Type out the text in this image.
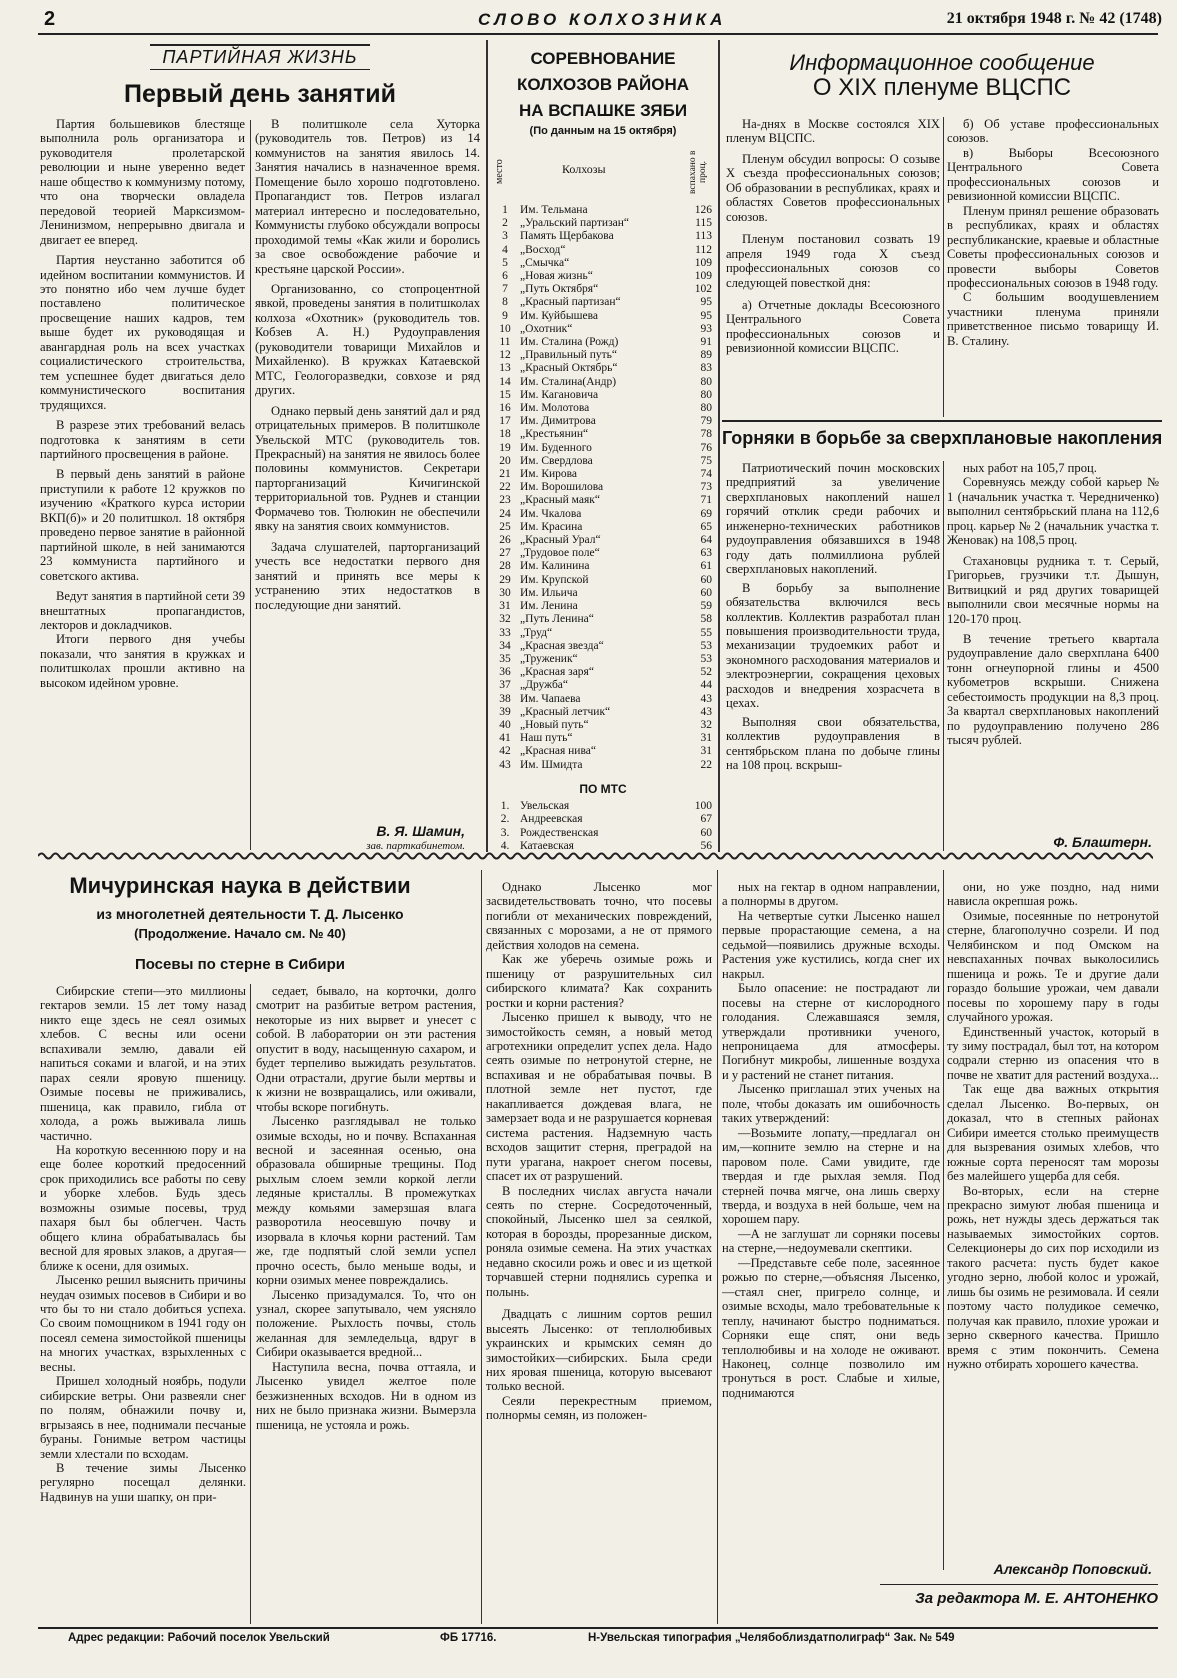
2	СЛОВО КОЛХОЗНИКА	21 октября 1948 г. № 42 (1748)
ПАРТИЙНАЯ ЖИЗНЬ
Первый день занятий

Партия большевиков блестяще выполнила роль организатора и руководителя пролетарской революции и ныне уверенно ведет наше общество к коммунизму потому, что она творчески овладела передовой теорией Марксизмом-Ленинизмом, непрерывно двигала и двигает ее вперед.

Партия неустанно заботится об идейном воспитании коммунистов. И это понятно ибо чем лучше будет поставлено политическое просвещение наших кадров, тем выше будет их руководящая и авангардная роль на всех участках социалистического строительства, тем успешнее будет двигаться дело коммунистического воспитания трудящихся.

В разрезе этих требований велась подготовка к занятиям в сети партийного просвещения в районе.

В первый день занятий в районе приступили к работе 12 кружков по изучению «Краткого курса истории ВКП(б)» и 20 политшкол. 18 октября проведено первое занятие в районной партийной школе, в ней занимаются 23 коммуниста партийного и советского актива.

Ведут занятия в партийной сети 39 внештатных пропагандистов, лекторов и докладчиков.

Итоги первого дня учебы показали, что занятия в кружках и политшколах прошли активно на высоком идейном уровне.

В политшколе села Хуторка (руководитель тов. Петров) из 14 коммунистов на занятия явилось 14. Занятия начались в назначенное время. Помещение было хорошо подготовлено. Пропагандист тов. Петров излагал материал интересно и последовательно, Коммунисты глубоко обсуждали вопросы проходимой темы «Как жили и боролись за свое освобождение рабочие и крестьяне царской России».

Организованно, со стопроцентной явкой, проведены занятия в политшколах колхоза «Охотник» (руководитель тов. Кобзев А. Н.) Рудоуправления (руководители товарищи Михайлов и Михайленко). В кружках Катаевской МТС, Геологоразведки, совхозе и ряд других.

Однако первый день занятий дал и ряд отрицательных примеров. В политшколе Увельской МТС (руководитель тов. Прекрасный) на занятия не явилось более половины коммунистов. Секретари парторганизаций Кичигинской территориальной тов. Руднев и станции Формачево тов. Тюлюкин не обеспечили явку на занятия своих коммунистов.

Задача слушателей, парторганизаций учесть все недостатки первого дня занятий и принять все меры к устранению этих недостатков в последующие дни занятий.

В. Я. Шамин,
зав. парткабинетом.
СОРЕВНОВАНИЕ
КОЛХОЗОВ РАЙОНА
НА ВСПАШКЕ ЗЯБИ
(По данным на 15 октября)
место	Колхозы	вспахано в проц.
1	Им. Тельмана	126
2	„Уральский партизан“	115
3	Память Щербакова	113
4	„Восход“	112
5	„Смычка“	109
6	„Новая жизнь“	109
7	„Путь Октября“	102
8	„Красный партизан“	95
9	Им. Куйбышева	95
10	„Охотник“	93
11	Им. Сталина (Рожд)	91
12	„Правильный путь“	89
13	„Красный Октябрь“	83
14	Им. Сталина(Андр)	80
15	Им. Кагановича	80
16	Им. Молотова	80
17	Им. Димитрова	79
18	„Крестьянин“	78
19	Им. Буденного	76
20	Им. Свердлова	75
21	Им. Кирова	74
22	Им. Ворошилова	73
23	„Красный маяк“	71
24	Им. Чкалова	69
25	Им. Красина	65
26	„Красный Урал“	64
27	„Трудовое поле“	63
28	Им. Калинина	61
29	Им. Крупской	60
30	Им. Ильича	60
31	Им. Ленина	59
32	„Путь Ленина“	58
33	„Труд“	55
34	„Красная звезда“	53
35	„Труженик“	53
36	„Красная заря“	52
37	„Дружба“	44
38	Им. Чапаева	43
39	„Красный летчик“	43
40	„Новый путь“	32
41	Наш путь“	31
42	„Красная нива“	31
43	Им. Шмидта	22
ПО МТС
1.	Увельская	100
2.	Андреевская	67
3.	Рождественская	60
4.	Катаевская	56
Информационное сообщение
О XIX пленуме ВЦСПС

На-днях в Москве состоялся XIX пленум ВЦСПС.

Пленум обсудил вопросы: О созыве X съезда профессиональных союзов; Об образовании в республиках, краях и областях Советов профессиональных союзов.

Пленум постановил созвать 19 апреля 1949 года X съезд профессиональных союзов со следующей повесткой дня:

а) Отчетные доклады Всесоюзного Центрального Совета профессиональных союзов и ревизионной комиссии ВЦСПС.

б) Об уставе профессиональных союзов.

в) Выборы Всесоюзного Центрального Совета профессиональных союзов и ревизионной комиссии ВЦСПС.

Пленум принял решение образовать в республиках, краях и областях республиканские, краевые и областные Советы профессиональных союзов и провести выборы Советов профессиональных союзов в 1948 году.

С большим воодушевлением участники пленума приняли приветственное письмо товарищу И. В. Сталину.

Горняки в борьбе за сверхплановые накопления

Патриотический почин московских предприятий за увеличение сверхплановых накоплений нашел горячий отклик среди рабочих и инженерно-технических работников рудоуправления обязавшихся в 1948 году дать полмиллиона рублей сверхплановых накоплений.

В борьбу за выполнение обязательства включился весь коллектив. Коллектив разработал план повышения производительности труда, механизации трудоемких работ и экономного расходования материалов и электроэнергии, сокращения цеховых расходов и внедрения хозрасчета в цехах.

Выполняя свои обязательства, коллектив рудоуправления в сентябрьском плана по добыче глины на 108 проц. вскрыш-

ных работ на 105,7 проц.

Соревнуясь между собой карьер № 1 (начальник участка т. Чередниченко) выполнил сентябрьский плана на 112,6 проц. карьер № 2 (начальник участка т. Женовак) на 108,5 проц.

Стахановцы рудника т. т. Серый, Григорьев, грузчики т.т. Дышун, Витвицкий и ряд других товарищей выполнили свои месячные нормы на 120-170 проц.

В течение третьего квартала рудоуправление дало сверхплана 6400 тонн огнеупорной глины и 4500 кубометров вскрыши. Снижена себестоимость продукции на 8,3 проц. За квартал сверхплановых накоплений по рудоуправлению получено 286 тысяч рублей.

Ф. Блаштерн.
Мичуринская наука в действии
из многолетней деятельности Т. Д. Лысенко
(Продолжение. Начало см. № 40)
Посевы по стерне в Сибири

Сибирские степи—это миллионы гектаров земли. 15 лет тому назад никто еще здесь не сеял озимых хлебов. С весны или осени вспахивали землю, давали ей напиться соками и влагой, и на этих парах сеяли яровую пшеницу. Озимые посевы не приживались, пшеница, как правило, гибла от холода, а рожь выживала лишь частично.

На короткую весеннюю пору и на еще более короткий предосенний срок приходились все работы по севу и уборке хлебов. Будь здесь возможны озимые посевы, труд пахаря был бы облегчен. Часть общего клина обрабатывалась бы весной для яровых злаков, а другая—ближе к осени, для озимых.

Лысенко решил выяснить причины неудач озимых посевов в Сибири и во что бы то ни стало добиться успеха. Со своим помощником в 1941 году он посеял семена зимостойкой пшеницы на многих участках, взрыхленных с весны.

Пришел холодный ноябрь, подули сибирские ветры. Они развеяли снег по полям, обнажили почву и, вгрызаясь в нее, поднимали песчаные бураны. Гонимые ветром частицы земли хлестали по всходам.

В течение зимы Лысенко регулярно посещал делянки. Надвинув на уши шапку, он при-

седает, бывало, на корточки, долго смотрит на разбитые ветром растения, некоторые из них вырвет и унесет с собой. В лаборатории он эти растения опустит в воду, насыщенную сахаром, и будет терпеливо выжидать результатов. Одни отрастали, другие были мертвы и к жизни не возвращались, или оживали, чтобы вскоре погибнуть.

Лысенко разглядывал не только озимые всходы, но и почву. Вспаханная весной и засеянная осенью, она образовала обширные трещины. Под рыхлым слоем земли коркой легли ледяные кристаллы. В промежутках между комьями замерзшая влага разворотила неосевшую почву и изорвала в клочья корни растений. Там же, где подпятый слой земли успел прочно осесть, было меньше воды, и корни озимых менее повреждались.

Лысенко призадумался. То, что он узнал, скорее запутывало, чем уясняло положение. Рыхлость почвы, столь желанная для земледельца, вдруг в Сибири оказывается вредной...

Наступила весна, почва оттаяла, и Лысенко увидел желтое поле безжизненных всходов. Ни в одном из них не было признака жизни. Вымерзла пшеница, не устояла и рожь.

Однако Лысенко мог засвидетельствовать точно, что посевы погибли от механических повреждений, связанных с морозами, а не от прямого действия холодов на семена.

Как же уберечь озимые рожь и пшеницу от разрушительных сил сибирского климата? Как сохранить ростки и корни растения?

Лысенко пришел к выводу, что не зимостойкость семян, а новый метод агротехники определит успех дела. Надо сеять озимые по нетронутой стерне, не вспахивая и не обрабатывая почвы. В плотной земле нет пустот, где накапливается дождевая влага, не замерзает вода и не разрушается корневая система растения. Надземную часть всходов защитит стерня, преградой на пути урагана, накроет снегом посевы, спасет их от разрушений.

В последних числах августа начали сеять по стерне. Сосредоточенный, спокойный, Лысенко шел за сеялкой, которая в борозды, прорезанные диском, роняла озимые семена. На этих участках недавно скосили рожь и овес и из щеткой торчавшей стерни поднялись сурепка и полынь.

Двадцать с лишним сортов решил высеять Лысенко: от теплолюбивых украинских и крымских семян до зимостойких—сибирских. Была среди них яровая пшеница, которую высевают только весной.

Сеяли перекрестным приемом, полнормы семян, из положен-

ных на гектар в одном направлении, а полнормы в другом.

На четвертые сутки Лысенко нашел первые прорастающие семена, а на седьмой—появились дружные всходы. Растения уже кустились, когда снег их накрыл.

Было опасение: не пострадают ли посевы на стерне от кислородного голодания. Слежавшаяся земля, утверждали противники ученого, непроницаема для атмосферы. Погибнут микробы, лишенные воздуха и у растений не станет питания.

Лысенко приглашал этих ученых на поле, чтобы доказать им ошибочность таких утверждений:

—Возьмите лопату,—предлагал он им,—копните землю на стерне и на паровом поле. Сами увидите, где твердая и где рыхлая земля. Под стерней почва мягче, она лишь сверху тверда, и воздуха в ней больше, чем на хорошем пару.

—А не заглушат ли сорняки посевы на стерне,—недоумевали скептики.

—Представьте себе поле, засеянное рожью по стерне,—объясняя Лысенко,—стаял снег, пригрело солнце, и озимые всходы, мало требовательные к теплу, начинают быстро подниматься. Сорняки еще спят, они ведь теплолюбивы и на холоде не оживают. Наконец, солнце позволило им тронуться в рост. Слабые и хилые, поднимаются

они, но уже поздно, над ними нависла окрепшая рожь.

Озимые, посеянные по нетронутой стерне, благополучно созрели. И под Челябинском и под Омском на невспаханных почвах выколосились пшеница и рожь. Те и другие дали гораздо большие урожаи, чем давали посевы по хорошему пару в годы случайного урожая.

Единственный участок, который в ту зиму пострадал, был тот, на котором содрали стерню из опасения что в почве не хватит для растений воздуха...

Так еще два важных открытия сделал Лысенко. Во-первых, он доказал, что в степных районах Сибири имеется столько преимуществ для вызревания озимых хлебов, что южные сорта переносят там морозы без малейшего ущерба для себя.

Во-вторых, если на стерне прекрасно зимуют любая пшеница и рожь, нет нужды здесь держаться так называемых зимостойких сортов. Селекционеры до сих пор исходили из такого расчета: пусть будет какое угодно зерно, любой колос и урожай, лишь бы озимь не резимовала. И сеяли поэтому часто полудикое семечко, получая как правило, плохие урожаи и зерно скверного качества. Пришло время с этим покончить. Семена нужно отбирать хорошего качества.

Александр Поповский.
За редактора М. Е. АНТОНЕНКО
Адрес редакции: Рабочий поселок Увельский	ФБ 17716.	Н-Увельская типография „Челябоблиздатполиграф“ Зак. № 549
